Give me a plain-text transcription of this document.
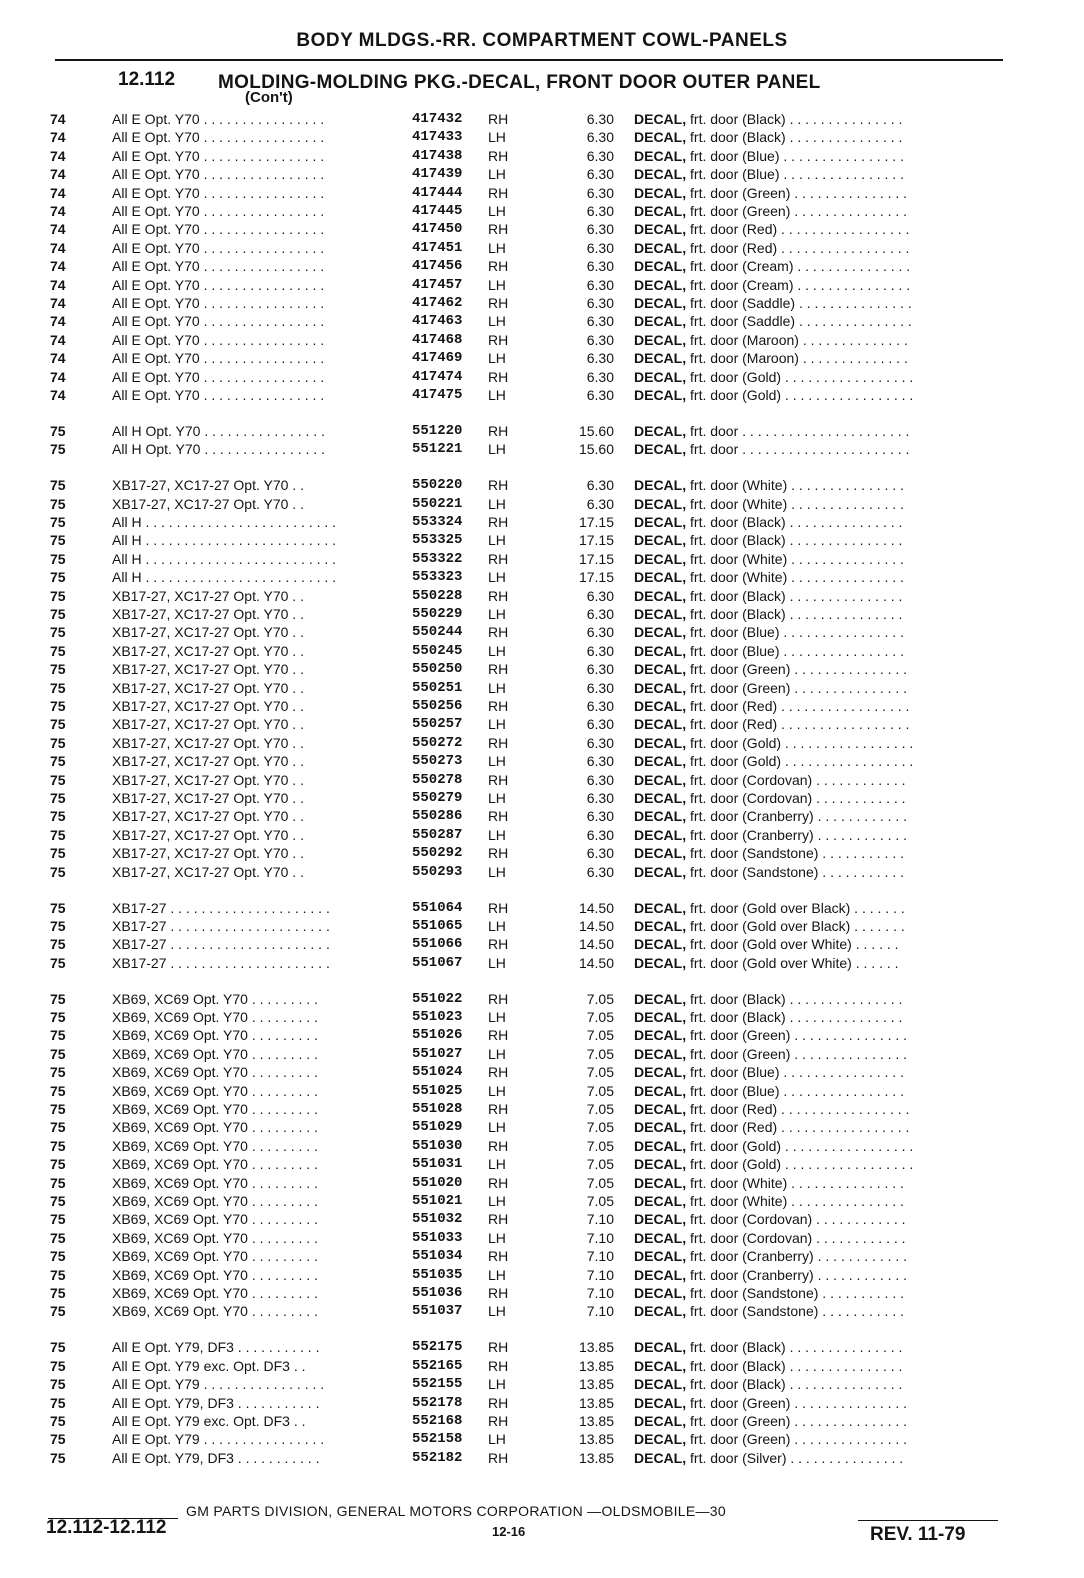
BODY MLDGS.-RR. COMPARTMENT COWL-PANELS
12.112 MOLDING-MOLDING PKG.-DECAL, FRONT DOOR OUTER PANEL
(Con't)
74	All E Opt. Y70 . . . . . . . . . . . . . . . .	417432	RH	6.30 DECAL, frt. door (Black) . . . . . . . . . . . . . . .
74	All E Opt. Y70 . . . . . . . . . . . . . . . .	417433	LH	6.30 DECAL, frt. door (Black) . . . . . . . . . . . . . . .
74	All E Opt. Y70 . . . . . . . . . . . . . . . .	417438	RH	6.30 DECAL, frt. door (Blue) . . . . . . . . . . . . . . . .
74	All E Opt. Y70 . . . . . . . . . . . . . . . .	417439	LH	6.30 DECAL, frt. door (Blue) . . . . . . . . . . . . . . . .
74	All E Opt. Y70 . . . . . . . . . . . . . . . .	417444	RH	6.30 DECAL, frt. door (Green) . . . . . . . . . . . . . . .
74	All E Opt. Y70 . . . . . . . . . . . . . . . .	417445	LH	6.30 DECAL, frt. door (Green) . . . . . . . . . . . . . . .
74	All E Opt. Y70 . . . . . . . . . . . . . . . .	417450	RH	6.30 DECAL, frt. door (Red) . . . . . . . . . . . . . . . . .
74	All E Opt. Y70 . . . . . . . . . . . . . . . .	417451	LH	6.30 DECAL, frt. door (Red) . . . . . . . . . . . . . . . . .
74	All E Opt. Y70 . . . . . . . . . . . . . . . .	417456	RH	6.30 DECAL, frt. door (Cream) . . . . . . . . . . . . . . .
74	All E Opt. Y70 . . . . . . . . . . . . . . . .	417457	LH	6.30 DECAL, frt. door (Cream) . . . . . . . . . . . . . . .
74	All E Opt. Y70 . . . . . . . . . . . . . . . .	417462	RH	6.30 DECAL, frt. door (Saddle) . . . . . . . . . . . . . . .
74	All E Opt. Y70 . . . . . . . . . . . . . . . .	417463	LH	6.30 DECAL, frt. door (Saddle) . . . . . . . . . . . . . . .
74	All E Opt. Y70 . . . . . . . . . . . . . . . .	417468	RH	6.30 DECAL, frt. door (Maroon) . . . . . . . . . . . . . .
74	All E Opt. Y70 . . . . . . . . . . . . . . . .	417469	LH	6.30 DECAL, frt. door (Maroon) . . . . . . . . . . . . . .
74	All E Opt. Y70 . . . . . . . . . . . . . . . .	417474	RH	6.30 DECAL, frt. door (Gold) . . . . . . . . . . . . . . . . .
74	All E Opt. Y70 . . . . . . . . . . . . . . . .	417475	LH	6.30 DECAL, frt. door (Gold) . . . . . . . . . . . . . . . . .
75	All H Opt. Y70 . . . . . . . . . . . . . . . .	551220	RH	15.60 DECAL, frt. door . . . . . . . . . . . . . . . . . . . . . .
75	All H Opt. Y70 . . . . . . . . . . . . . . . .	551221	LH	15.60 DECAL, frt. door . . . . . . . . . . . . . . . . . . . . . .
75	XB17-27, XC17-27 Opt. Y70 . .	550220	RH	6.30 DECAL, frt. door (White) . . . . . . . . . . . . . . .
75	XB17-27, XC17-27 Opt. Y70 . .	550221	LH	6.30 DECAL, frt. door (White) . . . . . . . . . . . . . . .
75	All H . . . . . . . . . . . . . . . . . . . . . . . . .	553324	RH	17.15 DECAL, frt. door (Black) . . . . . . . . . . . . . . .
75	All H . . . . . . . . . . . . . . . . . . . . . . . . .	553325	LH	17.15 DECAL, frt. door (Black) . . . . . . . . . . . . . . .
75	All H . . . . . . . . . . . . . . . . . . . . . . . . .	553322	RH	17.15 DECAL, frt. door (White) . . . . . . . . . . . . . . .
75	All H . . . . . . . . . . . . . . . . . . . . . . . . .	553323	LH	17.15 DECAL, frt. door (White) . . . . . . . . . . . . . . .
75	XB17-27, XC17-27 Opt. Y70 . .	550228	RH	6.30 DECAL, frt. door (Black) . . . . . . . . . . . . . . .
75	XB17-27, XC17-27 Opt. Y70 . .	550229	LH	6.30 DECAL, frt. door (Black) . . . . . . . . . . . . . . .
75	XB17-27, XC17-27 Opt. Y70 . .	550244	RH	6.30 DECAL, frt. door (Blue) . . . . . . . . . . . . . . . .
75	XB17-27, XC17-27 Opt. Y70 . .	550245	LH	6.30 DECAL, frt. door (Blue) . . . . . . . . . . . . . . . .
75	XB17-27, XC17-27 Opt. Y70 . .	550250	RH	6.30 DECAL, frt. door (Green) . . . . . . . . . . . . . . .
75	XB17-27, XC17-27 Opt. Y70 . .	550251	LH	6.30 DECAL, frt. door (Green) . . . . . . . . . . . . . . .
75	XB17-27, XC17-27 Opt. Y70 . .	550256	RH	6.30 DECAL, frt. door (Red) . . . . . . . . . . . . . . . . .
75	XB17-27, XC17-27 Opt. Y70 . .	550257	LH	6.30 DECAL, frt. door (Red) . . . . . . . . . . . . . . . . .
75	XB17-27, XC17-27 Opt. Y70 . .	550272	RH	6.30 DECAL, frt. door (Gold) . . . . . . . . . . . . . . . . .
75	XB17-27, XC17-27 Opt. Y70 . .	550273	LH	6.30 DECAL, frt. door (Gold) . . . . . . . . . . . . . . . . .
75	XB17-27, XC17-27 Opt. Y70 . .	550278	RH	6.30 DECAL, frt. door (Cordovan) . . . . . . . . . . . .
75	XB17-27, XC17-27 Opt. Y70 . .	550279	LH	6.30 DECAL, frt. door (Cordovan) . . . . . . . . . . . .
75	XB17-27, XC17-27 Opt. Y70 . .	550286	RH	6.30 DECAL, frt. door (Cranberry) . . . . . . . . . . . .
75	XB17-27, XC17-27 Opt. Y70 . .	550287	LH	6.30 DECAL, frt. door (Cranberry) . . . . . . . . . . . .
75	XB17-27, XC17-27 Opt. Y70 . .	550292	RH	6.30 DECAL, frt. door (Sandstone) . . . . . . . . . . .
75	XB17-27, XC17-27 Opt. Y70 . .	550293	LH	6.30 DECAL, frt. door (Sandstone) . . . . . . . . . . .
75	XB17-27 . . . . . . . . . . . . . . . . . . . . .	551064	RH	14.50 DECAL, frt. door (Gold over Black) . . . . . . .
75	XB17-27 . . . . . . . . . . . . . . . . . . . . .	551065	LH	14.50 DECAL, frt. door (Gold over Black) . . . . . . .
75	XB17-27 . . . . . . . . . . . . . . . . . . . . .	551066	RH	14.50 DECAL, frt. door (Gold over White) . . . . . .
75	XB17-27 . . . . . . . . . . . . . . . . . . . . .	551067	LH	14.50 DECAL, frt. door (Gold over White) . . . . . .
75	XB69, XC69 Opt. Y70 . . . . . . . . .	551022	RH	7.05 DECAL, frt. door (Black) . . . . . . . . . . . . . . .
75	XB69, XC69 Opt. Y70 . . . . . . . . .	551023	LH	7.05 DECAL, frt. door (Black) . . . . . . . . . . . . . . .
75	XB69, XC69 Opt. Y70 . . . . . . . . .	551026	RH	7.05 DECAL, frt. door (Green) . . . . . . . . . . . . . . .
75	XB69, XC69 Opt. Y70 . . . . . . . . .	551027	LH	7.05 DECAL, frt. door (Green) . . . . . . . . . . . . . . .
75	XB69, XC69 Opt. Y70 . . . . . . . . .	551024	RH	7.05 DECAL, frt. door (Blue) . . . . . . . . . . . . . . . .
75	XB69, XC69 Opt. Y70 . . . . . . . . .	551025	LH	7.05 DECAL, frt. door (Blue) . . . . . . . . . . . . . . . .
75	XB69, XC69 Opt. Y70 . . . . . . . . .	551028	RH	7.05 DECAL, frt. door (Red) . . . . . . . . . . . . . . . . .
75	XB69, XC69 Opt. Y70 . . . . . . . . .	551029	LH	7.05 DECAL, frt. door (Red) . . . . . . . . . . . . . . . . .
75	XB69, XC69 Opt. Y70 . . . . . . . . .	551030	RH	7.05 DECAL, frt. door (Gold) . . . . . . . . . . . . . . . . .
75	XB69, XC69 Opt. Y70 . . . . . . . . .	551031	LH	7.05 DECAL, frt. door (Gold) . . . . . . . . . . . . . . . . .
75	XB69, XC69 Opt. Y70 . . . . . . . . .	551020	RH	7.05 DECAL, frt. door (White) . . . . . . . . . . . . . . .
75	XB69, XC69 Opt. Y70 . . . . . . . . .	551021	LH	7.05 DECAL, frt. door (White) . . . . . . . . . . . . . . .
75	XB69, XC69 Opt. Y70 . . . . . . . . .	551032	RH	7.10 DECAL, frt. door (Cordovan) . . . . . . . . . . . .
75	XB69, XC69 Opt. Y70 . . . . . . . . .	551033	LH	7.10 DECAL, frt. door (Cordovan) . . . . . . . . . . . .
75	XB69, XC69 Opt. Y70 . . . . . . . . .	551034	RH	7.10 DECAL, frt. door (Cranberry) . . . . . . . . . . . .
75	XB69, XC69 Opt. Y70 . . . . . . . . .	551035	LH	7.10 DECAL, frt. door (Cranberry) . . . . . . . . . . . .
75	XB69, XC69 Opt. Y70 . . . . . . . . .	551036	RH	7.10 DECAL, frt. door (Sandstone) . . . . . . . . . . .
75	XB69, XC69 Opt. Y70 . . . . . . . . .	551037	LH	7.10 DECAL, frt. door (Sandstone) . . . . . . . . . . .
75	All E Opt. Y79, DF3 . . . . . . . . . . .	552175	RH	13.85 DECAL, frt. door (Black) . . . . . . . . . . . . . . .
75	All E Opt. Y79 exc. Opt. DF3 . .	552165	RH	13.85 DECAL, frt. door (Black) . . . . . . . . . . . . . . .
75	All E Opt. Y79 . . . . . . . . . . . . . . . .	552155	LH	13.85 DECAL, frt. door (Black) . . . . . . . . . . . . . . .
75	All E Opt. Y79, DF3 . . . . . . . . . . .	552178	RH	13.85 DECAL, frt. door (Green) . . . . . . . . . . . . . . .
75	All E Opt. Y79 exc. Opt. DF3 . .	552168	RH	13.85 DECAL, frt. door (Green) . . . . . . . . . . . . . . .
75	All E Opt. Y79 . . . . . . . . . . . . . . . .	552158	LH	13.85 DECAL, frt. door (Green) . . . . . . . . . . . . . . .
75	All E Opt. Y79, DF3 . . . . . . . . . . .	552182	RH	13.85 DECAL, frt. door (Silver) . . . . . . . . . . . . . . .
GM PARTS DIVISION, GENERAL MOTORS CORPORATION —OLDSMOBILE—30
12.112-12.112	12-16	REV. 11-79
